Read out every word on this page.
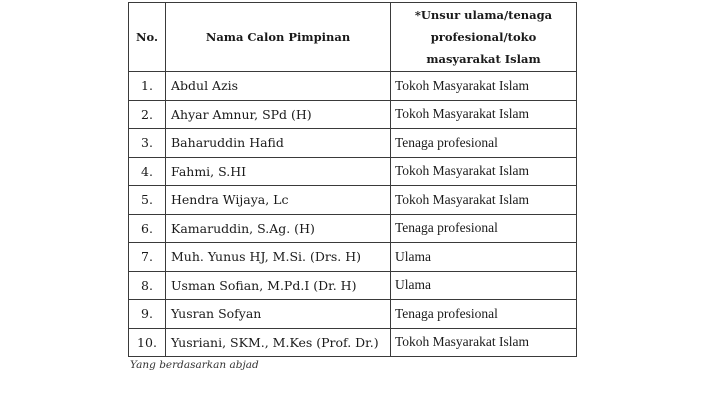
No.	Nama Calon Pimpinan	*Unsur ulama/tenaga profesional/toko masyarakat Islam
1.	Abdul Azis	Tokoh Masyarakat Islam
2.	Ahyar Amnur, SPd (H)	Tokoh Masyarakat Islam
3.	Baharuddin Hafid	Tenaga profesional
4.	Fahmi, S.HI	Tokoh Masyarakat Islam
5.	Hendra Wijaya, Lc	Tokoh Masyarakat Islam
6.	Kamaruddin, S.Ag. (H)	Tenaga profesional
7.	Muh. Yunus HJ, M.Si. (Drs. H)	Ulama
8.	Usman Sofian, M.Pd.I (Dr. H)	Ulama
9.	Yusran Sofyan	Tenaga profesional
10.	Yusriani, SKM., M.Kes (Prof. Dr.)	Tokoh Masyarakat Islam
Yang berdasarkan abjad
